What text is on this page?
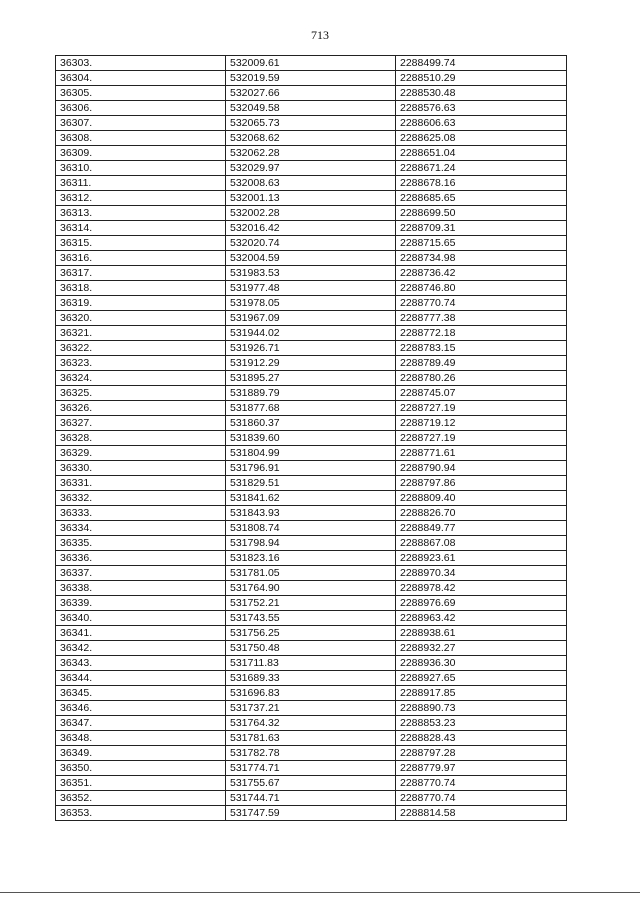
713
36303.	532009.61	2288499.74
36304.	532019.59	2288510.29
36305.	532027.66	2288530.48
36306.	532049.58	2288576.63
36307.	532065.73	2288606.63
36308.	532068.62	2288625.08
36309.	532062.28	2288651.04
36310.	532029.97	2288671.24
36311.	532008.63	2288678.16
36312.	532001.13	2288685.65
36313.	532002.28	2288699.50
36314.	532016.42	2288709.31
36315.	532020.74	2288715.65
36316.	532004.59	2288734.98
36317.	531983.53	2288736.42
36318.	531977.48	2288746.80
36319.	531978.05	2288770.74
36320.	531967.09	2288777.38
36321.	531944.02	2288772.18
36322.	531926.71	2288783.15
36323.	531912.29	2288789.49
36324.	531895.27	2288780.26
36325.	531889.79	2288745.07
36326.	531877.68	2288727.19
36327.	531860.37	2288719.12
36328.	531839.60	2288727.19
36329.	531804.99	2288771.61
36330.	531796.91	2288790.94
36331.	531829.51	2288797.86
36332.	531841.62	2288809.40
36333.	531843.93	2288826.70
36334.	531808.74	2288849.77
36335.	531798.94	2288867.08
36336.	531823.16	2288923.61
36337.	531781.05	2288970.34
36338.	531764.90	2288978.42
36339.	531752.21	2288976.69
36340.	531743.55	2288963.42
36341.	531756.25	2288938.61
36342.	531750.48	2288932.27
36343.	531711.83	2288936.30
36344.	531689.33	2288927.65
36345.	531696.83	2288917.85
36346.	531737.21	2288890.73
36347.	531764.32	2288853.23
36348.	531781.63	2288828.43
36349.	531782.78	2288797.28
36350.	531774.71	2288779.97
36351.	531755.67	2288770.74
36352.	531744.71	2288770.74
36353.	531747.59	2288814.58
